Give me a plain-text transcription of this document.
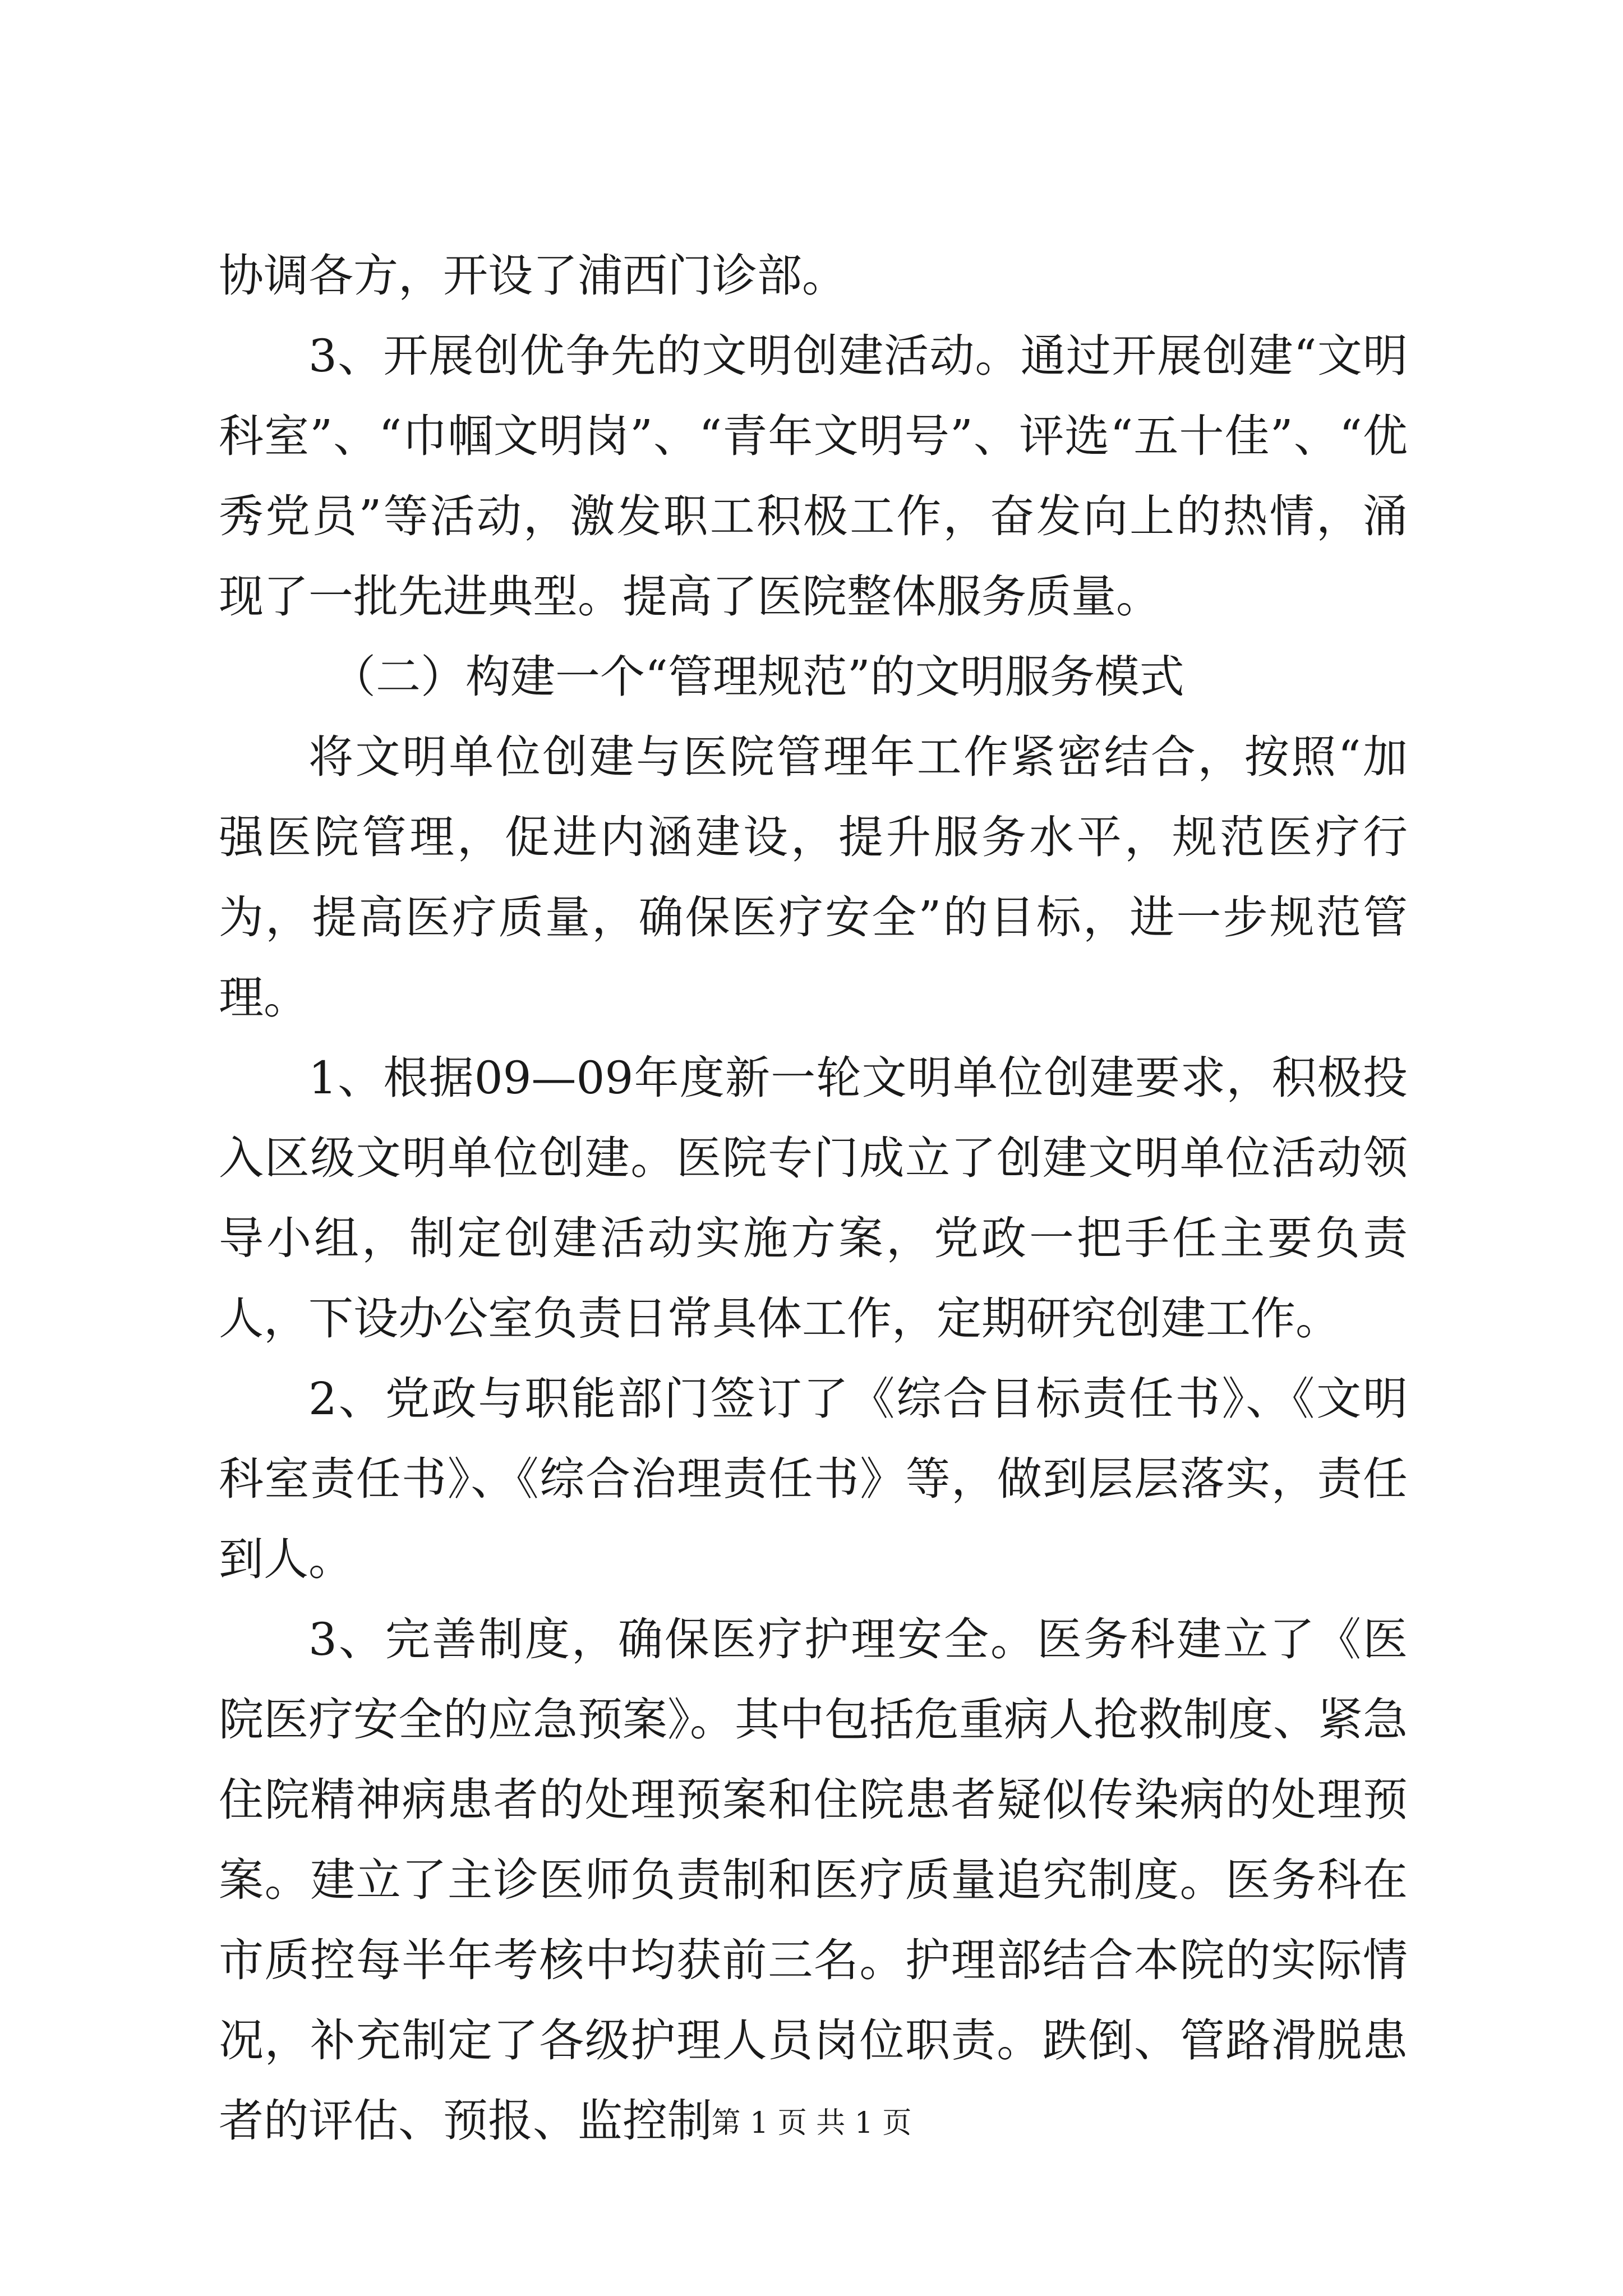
协调各方，开设了浦西门诊部。

3、开展创优争先的文明创建活动。通过开展创建“文明科室”、“巾帼文明岗”、“青年文明号”、评选“五十佳”、“优秀党员”等活动，激发职工积极工作，奋发向上的热情，涌现了一批先进典型。提高了医院整体服务质量。

（二）构建一个“管理规范”的文明服务模式

将文明单位创建与医院管理年工作紧密结合，按照“加强医院管理，促进内涵建设，提升服务水平，规范医疗行为，提高医疗质量，确保医疗安全”的目标，进一步规范管理。

1、根据09—09年度新一轮文明单位创建要求，积极投入区级文明单位创建。医院专门成立了创建文明单位活动领导小组，制定创建活动实施方案，党政一把手任主要负责人，下设办公室负责日常具体工作，定期研究创建工作。

2、党政与职能部门签订了《综合目标责任书》、《文明科室责任书》、《综合治理责任书》等，做到层层落实，责任到人。

3、完善制度，确保医疗护理安全。医务科建立了《医院医疗安全的应急预案》。其中包括危重病人抢救制度、紧急住院精神病患者的处理预案和住院患者疑似传染病的处理预案。建立了主诊医师负责制和医疗质量追究制度。医务科在市质控每半年考核中均获前三名。护理部结合本院的实际情况，补充制定了各级护理人员岗位职责。跌倒、管路滑脱患者的评估、预报、监控制

第 1 页 共 1 页
